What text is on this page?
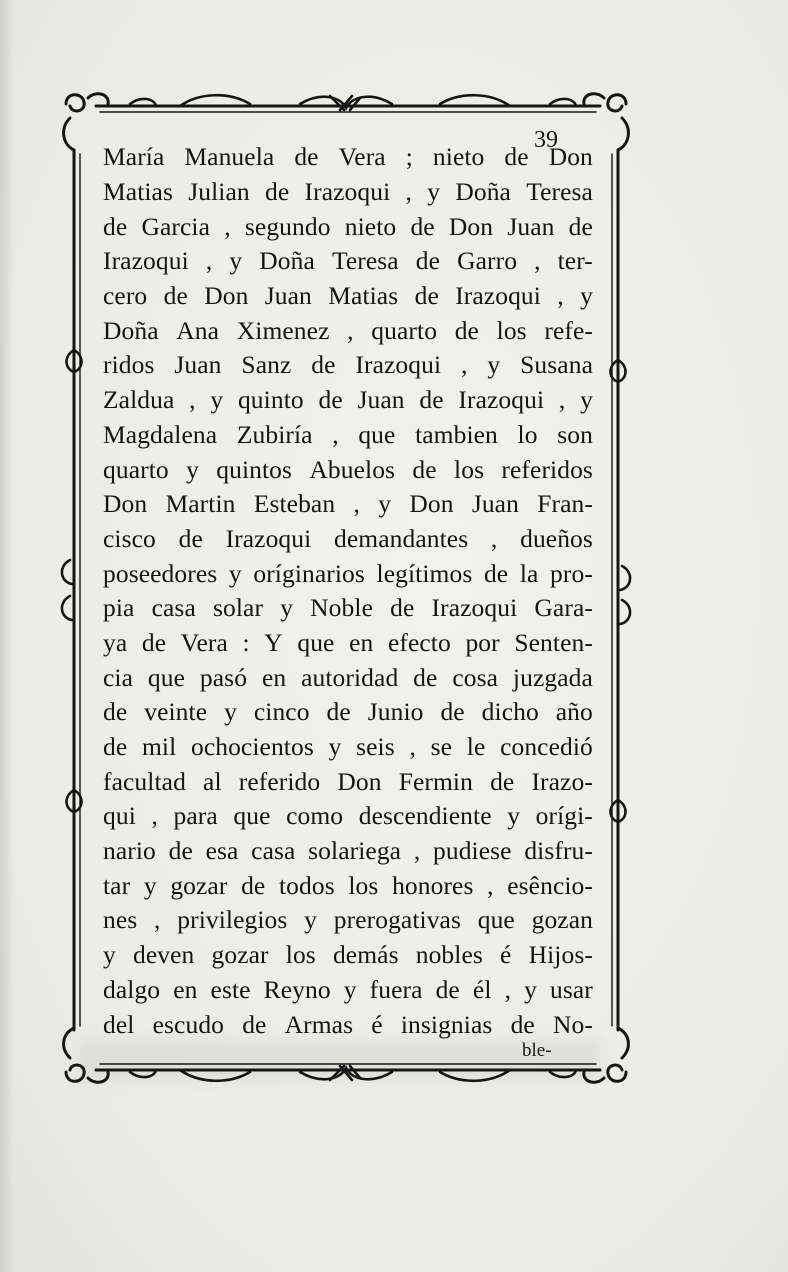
39
María Manuela de Vera ; nieto de Don
Matias Julian de Irazoqui , y Doña Teresa
de Garcia , segundo nieto de Don Juan de
Irazoqui , y Doña Teresa de Garro , ter-
cero de Don Juan Matias de Irazoqui , y
Doña Ana Ximenez , quarto de los refe-
ridos Juan Sanz de Irazoqui , y Susana
Zaldua , y quinto de Juan de Irazoqui , y
Magdalena Zubiría , que tambien lo son
quarto y quintos Abuelos de los referidos
Don Martin Esteban , y Don Juan Fran-
cisco de Irazoqui demandantes , dueños
poseedores y oríginarios legítimos de la pro-
pia casa solar y Noble de Irazoqui Gara-
ya de Vera : Y que en efecto por Senten-
cia que pasó en autoridad de cosa juzgada
de veinte y cinco de Junio de dicho año
de mil ochocientos y seis , se le concedió
facultad al referido Don Fermin de Irazo-
qui , para que como descendiente y orígi-
nario de esa casa solariega , pudiese disfru-
tar y gozar de todos los honores , esêncio-
nes , privilegios y prerogativas que gozan
y deven gozar los demás nobles é Hijos-
dalgo en este Reyno y fuera de él , y usar
del escudo de Armas é insignias de No-
ble-
